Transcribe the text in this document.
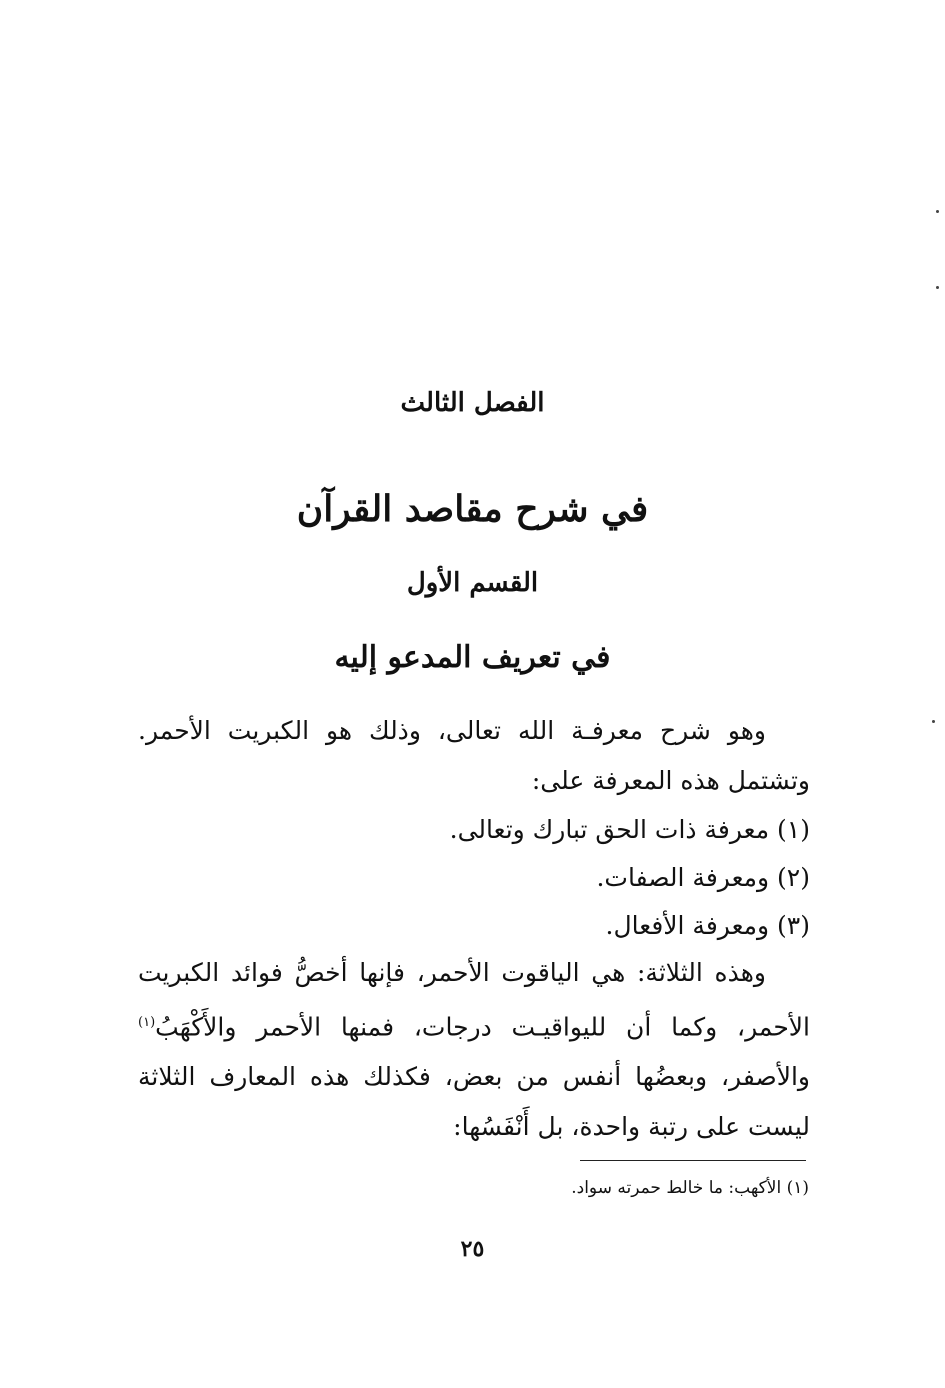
الفصل الثالث
في شرح مقاصد القرآن
القسم الأول
في تعريف المدعو إليه

وهو شرح معرفـة الله تعالى، وذلك هو الكبريت الأحمر. وتشتمل هذه المعرفة على:

(١) معرفة ذات الحق تبارك وتعالى.
(٢) ومعرفة الصفات.
(٣) ومعرفة الأفعال.

وهذه الثلاثة: هي الياقوت الأحمر، فإنها أخصُّ فوائد الكبريت الأحمر، وكما أن لليواقيـت درجات، فمنها الأحمر والأَكْهَبُ$^{(١)}$ والأصفر، وبعضُها أنفس من بعض، فكذلك هذه المعارف الثلاثة ليست على رتبة واحدة، بل أَنْفَسُها:

(١) الأكهب: ما خالط حمرته سواد.
٢٥
